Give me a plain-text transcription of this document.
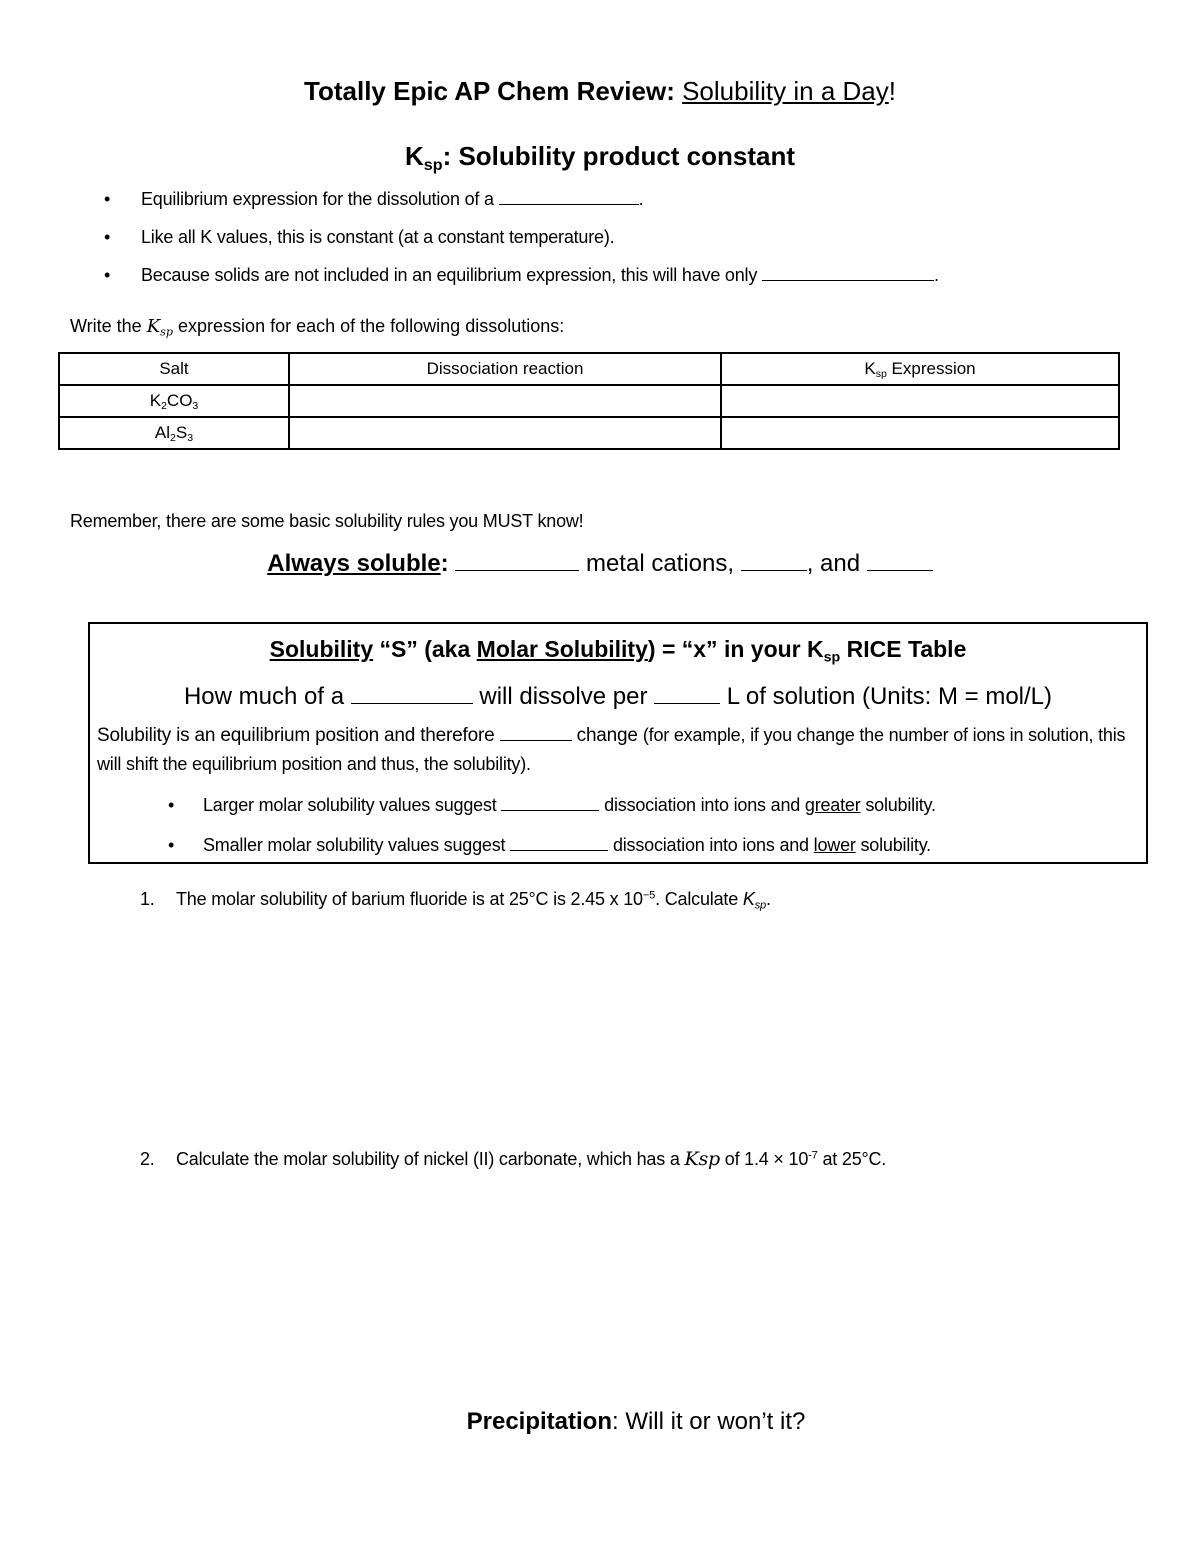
Totally Epic AP Chem Review: Solubility in a Day!
$K_{sp}$: Solubility product constant
• Equilibrium expression for the dissolution of a	.
• Like all K values, this is constant (at a constant temperature).
• Because solids are not included in an equilibrium expression, this will have only	.
Write the $K_{sp}$ expression for each of the following dissolutions:
Salt	Dissociation reaction	$K_{sp}$ Expression
$K_2CO_3$		
$Al_2S_3$		
Remember, there are some basic solubility rules you MUST know!
Always soluble:	metal cations,	, and
Solubility “S” (aka Molar Solubility) = “x” in your $K_{sp}$ RICE Table
How much of a	will dissolve per	L of solution (Units: M = mol/L)
Solubility is an equilibrium position and therefore	change (for example, if you change the number of ions in solution, this will shift the equilibrium position and thus, the solubility).
• Larger molar solubility values suggest	dissociation into ions and greater solubility.
• Smaller molar solubility values suggest	dissociation into ions and lower solubility.
1. The molar solubility of barium fluoride is at 25°C is 2.45 x $10^{-5}$. Calculate $K_{sp}$.
2. Calculate the molar solubility of nickel (II) carbonate, which has a Ksp of $1.4 \times 10^{-7}$ at 25°C.
Precipitation: Will it or won’t it?
